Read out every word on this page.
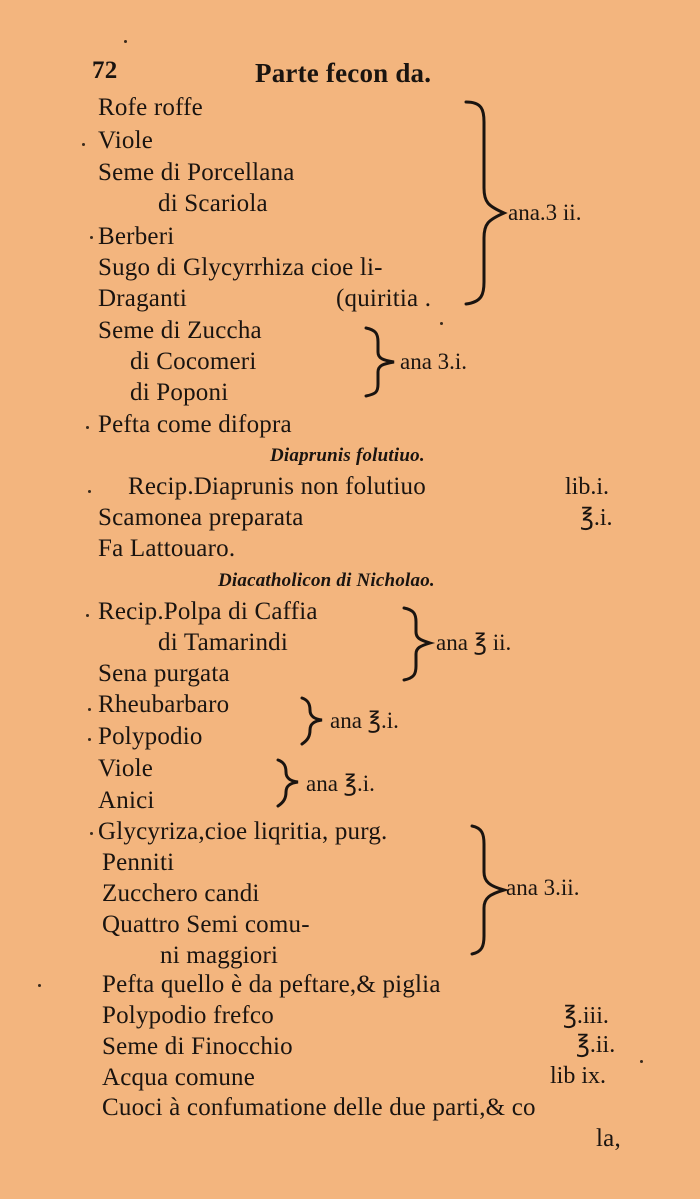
72	Parte fecon da.
Rofe roffe
Viole
Seme di Porcellana
di Scariola
Berberi
Sugo di Glycyrrhiza cioe li-
Draganti	(quiritia .
ana.3 ii.
Seme di Zuccha
di Cocomeri
di Poponi
ana 3.i.
Pefta come difopra
Diaprunis folutiuo.
Recip.Diaprunis non folutiuo	lib.i.
Scamonea preparata	℥.i.
Fa Lattouaro.
Diacatholicon di Nicholao.
Recip.Polpa di Caffia
di Tamarindi
Sena purgata
ana ℥ ii.
Rheubarbaro
Polypodio
ana ℥.i.
Viole
Anici
ana ℥.i.
Glycyriza,cioe liqritia, purg.
Penniti
Zucchero candi
Quattro Semi comu-
ni maggiori
ana 3.ii.
Pefta quello è da peftare,& piglia
Polypodio frefco	℥.iii.
Seme di Finocchio	℥.ii.
Acqua comune	lib ix.
Cuoci à confumatione delle due parti,& co
la,
